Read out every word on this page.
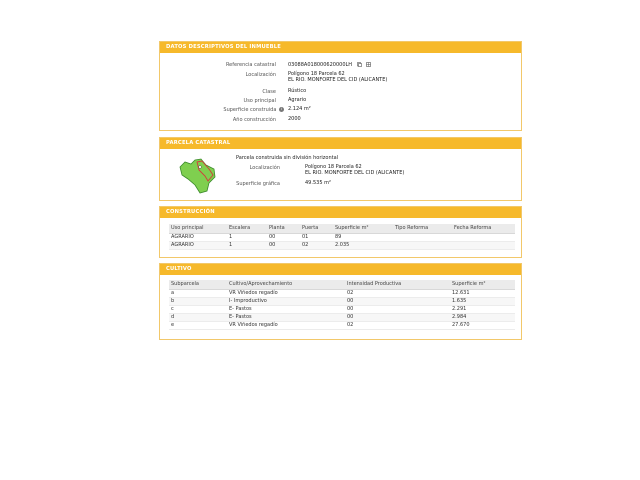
DATOS DESCRIPTIVOS DEL INMUEBLE
Referencia catastral 03088A018000620000LH
Localización Polígono 18 Parcela 62
EL RIO. MONFORTE DEL CID (ALICANTE)
Clase Rústico
Uso principal Agrario
Superficie construida i	2.124 m²
Año construcción 2000
PARCELA CATASTRAL
Parcela construida sin división horizontal
Localización	Polígono 18 Parcela 62
EL RIO. MONFORTE DEL CID (ALICANTE)
Superficie gráfica	49.535 m²
CONSTRUCCIÓN
Uso principal	Escalera	Planta	Puerta	Superficie m²	Tipo Reforma	Fecha Reforma
AGRARIO	1	00	01	89		
AGRARIO	1	00	02	2.035		
CULTIVO
Subparcela	Cultivo/Aprovechamiento	Intensidad Productiva	Superficie m²
a	VR Viñedos regadío	02	12.631
b	I- Improductivo	00	1.635
c	E- Pastos	00	2.291
d	E- Pastos	00	2.984
e	VR Viñedos regadío	02	27.670
